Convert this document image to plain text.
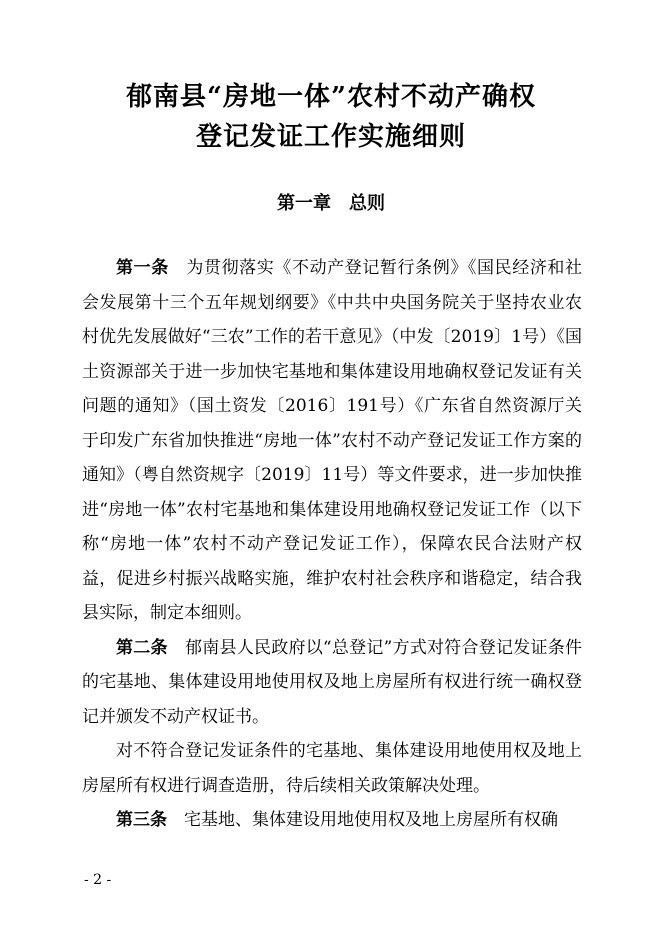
郁南县“房地一体”农村不动产确权
登记发证工作实施细则
第一章　总则

第一条 为贯彻落实《不动产登记暂行条例》《国民经济和社会发展第十三个五年规划纲要》《中共中央国务院关于坚持农业农村优先发展做好“三农”工作的若干意见》（中发〔2019〕1号）《国土资源部关于进一步加快宅基地和集体建设用地确权登记发证有关问题的通知》（国土资发〔2016〕191号）《广东省自然资源厅关于印发广东省加快推进“房地一体”农村不动产登记发证工作方案的通知》（粤自然资规字〔2019〕11号）等文件要求，进一步加快推进“房地一体”农村宅基地和集体建设用地确权登记发证工作（以下称“房地一体”农村不动产登记发证工作），保障农民合法财产权益，促进乡村振兴战略实施，维护农村社会秩序和谐稳定，结合我县实际，制定本细则。

第二条 郁南县人民政府以“总登记”方式对符合登记发证条件的宅基地、集体建设用地使用权及地上房屋所有权进行统一确权登记并颁发不动产权证书。

对不符合登记发证条件的宅基地、集体建设用地使用权及地上房屋所有权进行调查造册，待后续相关政策解决处理。

第三条 宅基地、集体建设用地使用权及地上房屋所有权确

- 2 -
